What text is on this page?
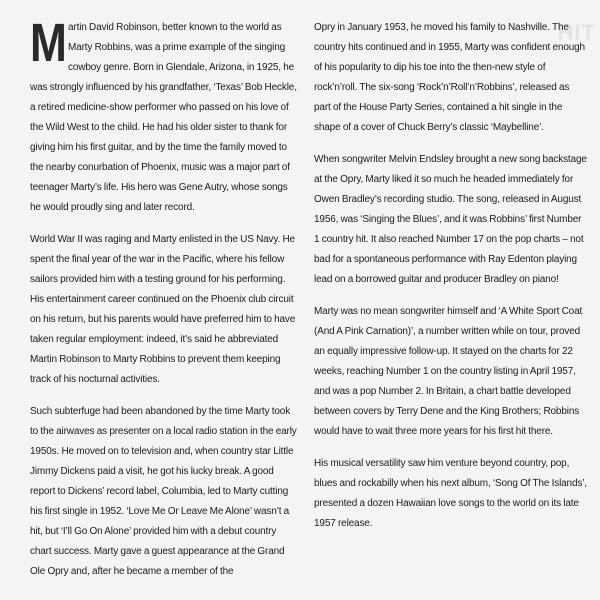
HIT

Martin David Robinson, better known to the world as Marty Robbins, was a prime example of the singing cowboy genre. Born in Glendale, Arizona, in 1925, he was strongly influenced by his grandfather, ‘Texas’ Bob Heckle, a retired medicine-show performer who passed on his love of the Wild West to the child. He had his older sister to thank for giving him his first guitar, and by the time the family moved to the nearby conurbation of Phoenix, music was a major part of teenager Marty’s life. His hero was Gene Autry, whose songs he would proudly sing and later record.

World War II was raging and Marty enlisted in the US Navy. He spent the final year of the war in the Pacific, where his fellow sailors provided him with a testing ground for his performing. His entertainment career continued on the Phoenix club circuit on his return, but his parents would have preferred him to have taken regular employment: indeed, it’s said he abbreviated Martin Robinson to Marty Robbins to prevent them keeping track of his nocturnal activities.

Such subterfuge had been abandoned by the time Marty took to the airwaves as presenter on a local radio station in the early 1950s. He moved on to television and, when country star Little Jimmy Dickens paid a visit, he got his lucky break. A good report to Dickens’ record label, Columbia, led to Marty cutting his first single in 1952. ‘Love Me Or Leave Me Alone’ wasn’t a hit, but ‘I’ll Go On Alone’ provided him with a debut country chart success. Marty gave a guest appearance at the Grand Ole Opry and, after he became a member of the

Opry in January 1953, he moved his family to Nashville. The country hits continued and in 1955, Marty was confident enough of his popularity to dip his toe into the then-new style of rock’n’roll. The six-song ‘Rock’n’Roll’n’Robbins’, released as part of the House Party Series, contained a hit single in the shape of a cover of Chuck Berry’s classic ‘Maybelline’.

When songwriter Melvin Endsley brought a new song backstage at the Opry, Marty liked it so much he headed immediately for Owen Bradley’s recording studio. The song, released in August 1956, was ‘Singing the Blues’, and it was Robbins’ first Number 1 country hit. It also reached Number 17 on the pop charts – not bad for a spontaneous performance with Ray Edenton playing lead on a borrowed guitar and producer Bradley on piano!

Marty was no mean songwriter himself and ‘A White Sport Coat (And A Pink Carnation)’, a number written while on tour, proved an equally impressive follow-up. It stayed on the charts for 22 weeks, reaching Number 1 on the country listing in April 1957, and was a pop Number 2. In Britain, a chart battle developed between covers by Terry Dene and the King Brothers; Robbins would have to wait three more years for his first hit there.

His musical versatility saw him venture beyond country, pop, blues and rockabilly when his next album, ‘Song Of The Islands’, presented a dozen Hawaiian love songs to the world on its late 1957 release.
